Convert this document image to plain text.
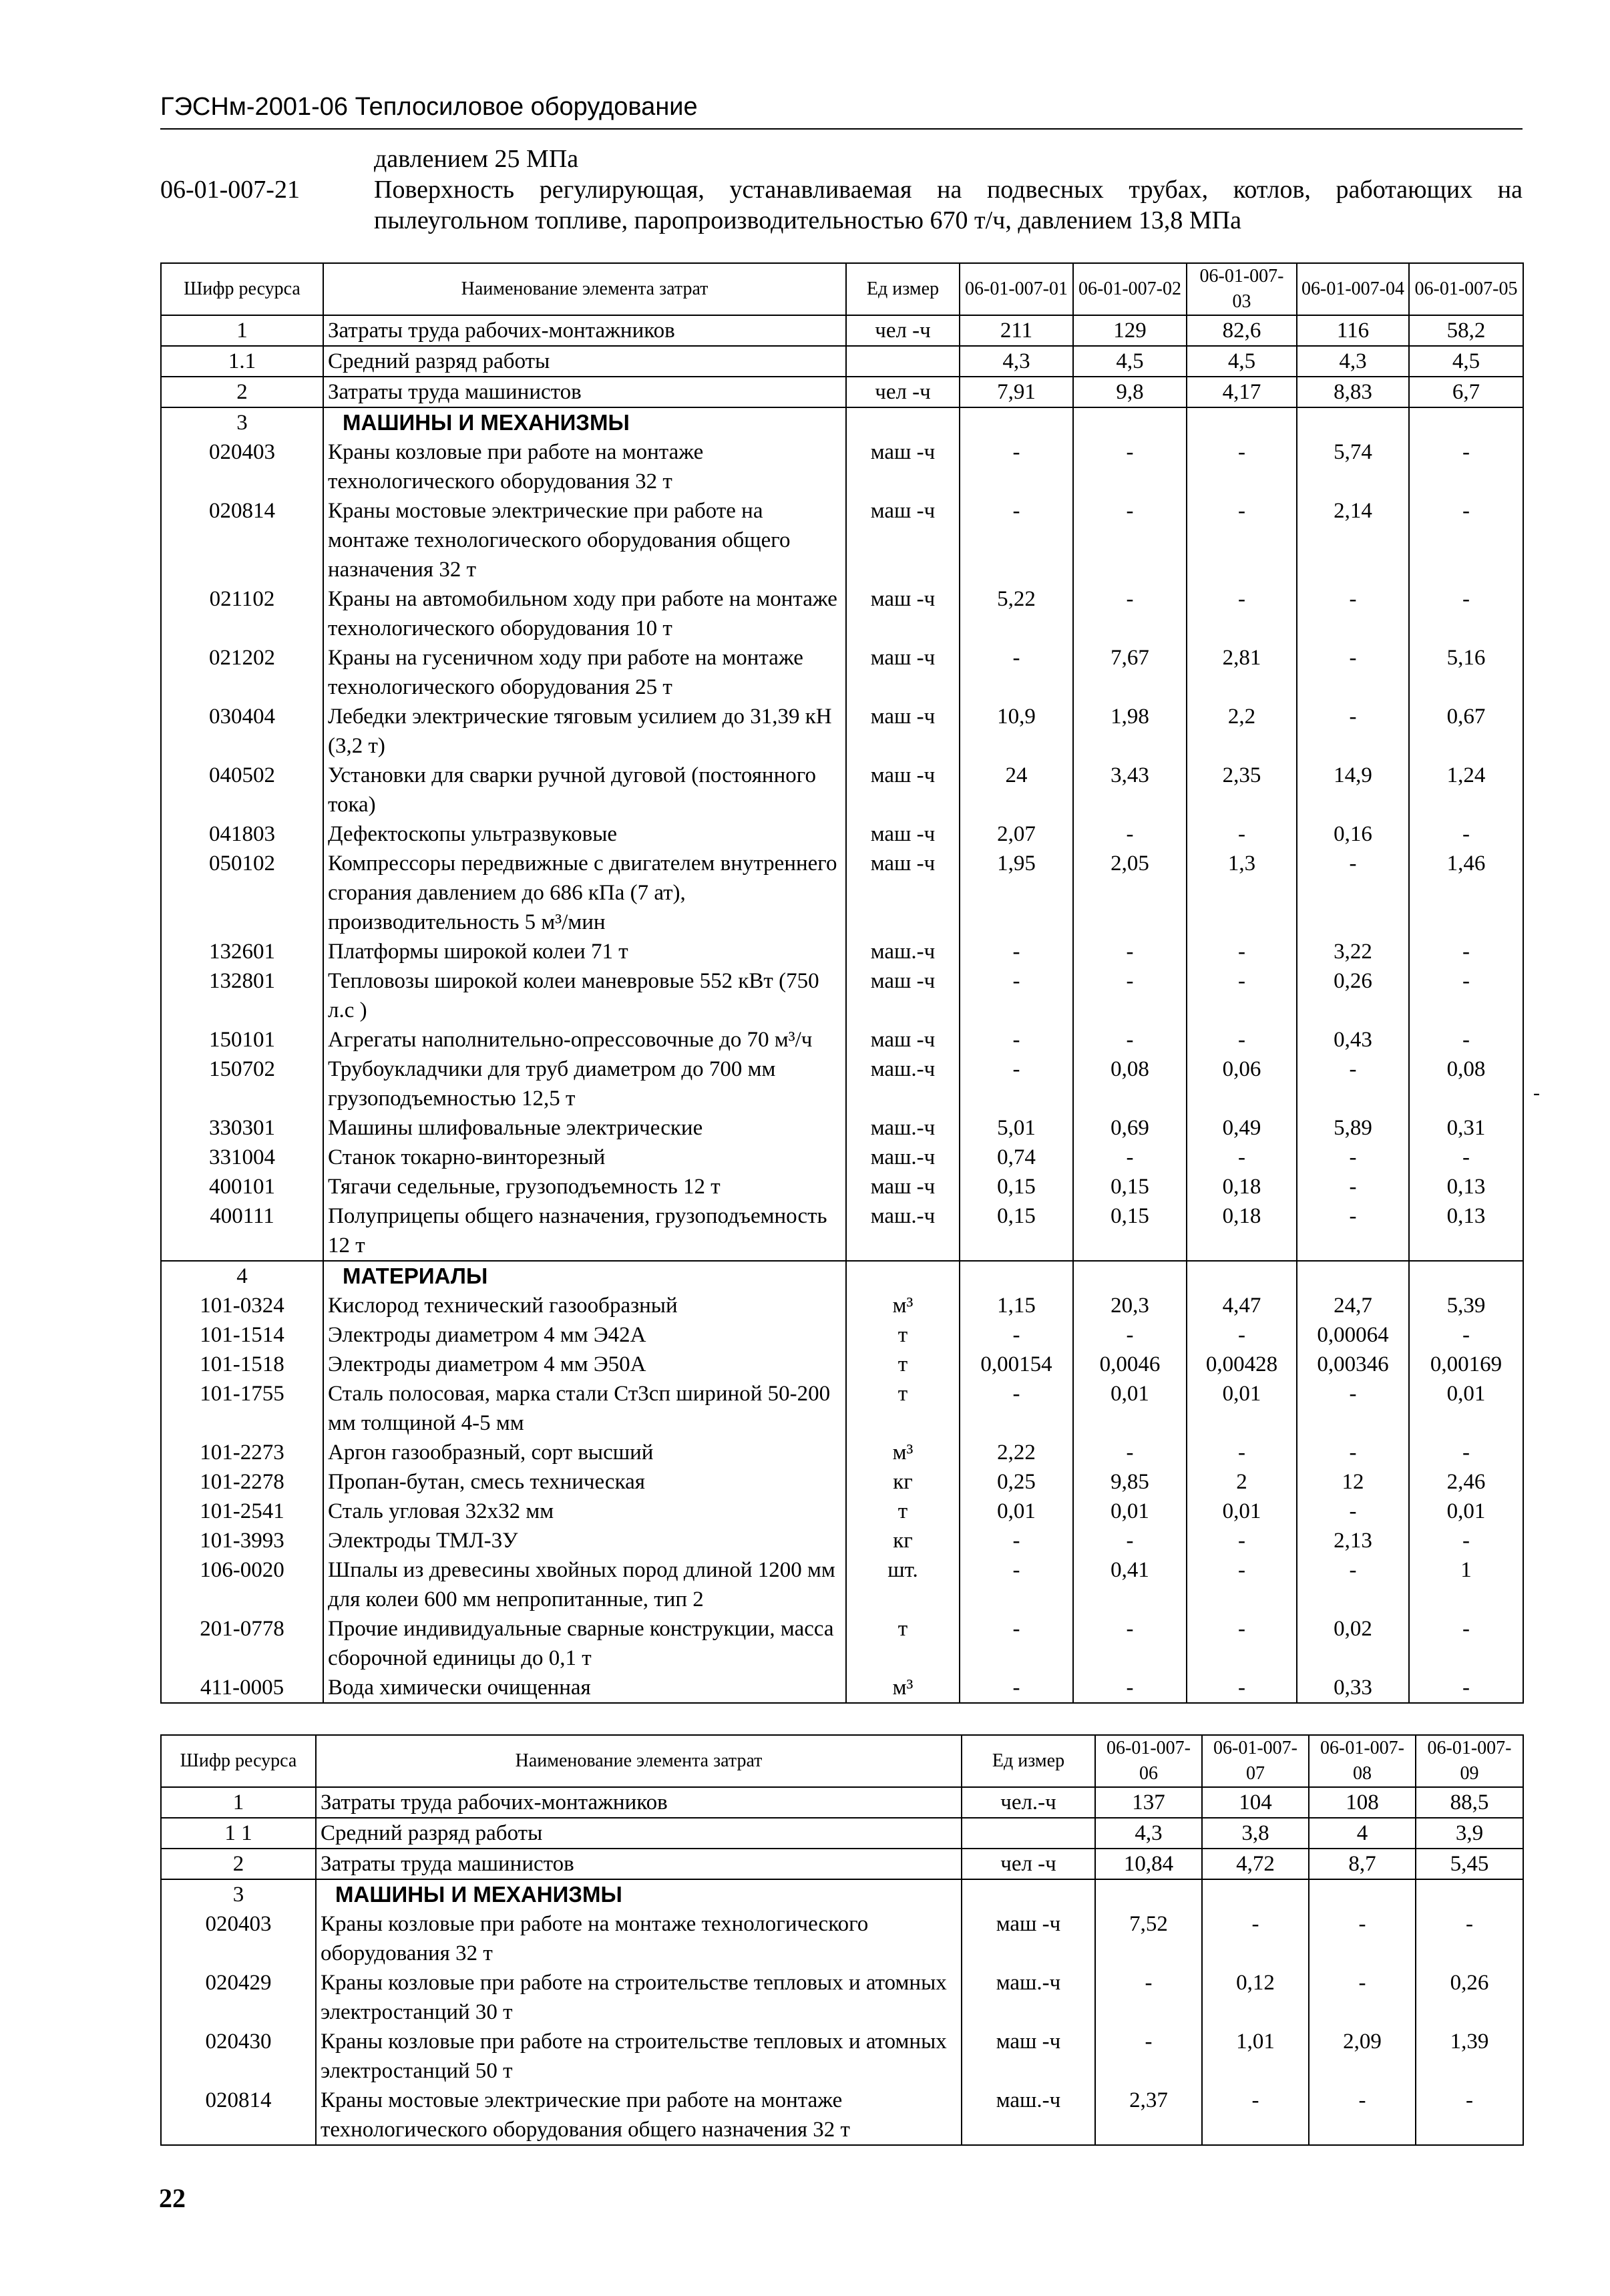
ГЭСНм-2001-06 Теплосиловое оборудование
давлением 25 МПа
06-01-007-21	Поверхность регулирующая, устанавливаемая на подвесных трубах, котлов, работающих на пылеугольном топливе, паропроизводительностью 670 т/ч, давлением 13,8 МПа
Шифр ресурса	Наименование элемента затрат	Ед измер	06-01-007-01	06-01-007-02	06-01-007-03	06-01-007-04	06-01-007-05
1	Затраты труда рабочих-монтажников	чел -ч	211	129	82,6	116	58,2
1.1	Средний разряд работы		4,3	4,5	4,5	4,3	4,5
2	Затраты труда машинистов	чел -ч	7,91	9,8	4,17	8,83	6,7
3	МАШИНЫ И МЕХАНИЗМЫ						
020403	Краны козловые при работе на монтаже технологического оборудования 32 т	маш -ч	-	-	-	5,74	-
020814	Краны мостовые электрические при работе на монтаже технологического оборудования общего назначения 32 т	маш -ч	-	-	-	2,14	-
021102	Краны на автомобильном ходу при работе на монтаже технологического оборудования 10 т	маш -ч	5,22	-	-	-	-
021202	Краны на гусеничном ходу при работе на монтаже технологического оборудования 25 т	маш -ч	-	7,67	2,81	-	5,16
030404	Лебедки электрические тяговым усилием до 31,39 кН (3,2 т)	маш -ч	10,9	1,98	2,2	-	0,67
040502	Установки для сварки ручной дуговой (постоянного тока)	маш -ч	24	3,43	2,35	14,9	1,24
041803	Дефектоскопы ультразвуковые	маш -ч	2,07	-	-	0,16	-
050102	Компрессоры передвижные с двигателем внутреннего сгорания давлением до 686 кПа (7 ат), производительность 5 м³/мин	маш -ч	1,95	2,05	1,3	-	1,46
132601	Платформы широкой колеи 71 т	маш.-ч	-	-	-	3,22	-
132801	Тепловозы широкой колеи маневровые 552 кВт (750 л.с )	маш -ч	-	-	-	0,26	-
150101	Агрегаты наполнительно-опрессовочные до 70 м³/ч	маш -ч	-	-	-	0,43	-
150702	Трубоукладчики для труб диаметром до 700 мм грузоподъемностью 12,5 т	маш.-ч	-	0,08	0,06	-	0,08
330301	Машины шлифовальные электрические	маш.-ч	5,01	0,69	0,49	5,89	0,31
331004	Станок токарно-винторезный	маш.-ч	0,74	-	-	-	-
400101	Тягачи седельные, грузоподъемность 12 т	маш -ч	0,15	0,15	0,18	-	0,13
400111	Полуприцепы общего назначения, грузоподъемность 12 т	маш.-ч	0,15	0,15	0,18	-	0,13
4	МАТЕРИАЛЫ						
101-0324	Кислород технический газообразный	м³	1,15	20,3	4,47	24,7	5,39
101-1514	Электроды диаметром 4 мм Э42А	т	-	-	-	0,00064	-
101-1518	Электроды диаметром 4 мм Э50А	т	0,00154	0,0046	0,00428	0,00346	0,00169
101-1755	Сталь полосовая, марка стали Ст3сп шириной 50-200 мм толщиной 4-5 мм	т	-	0,01	0,01	-	0,01
101-2273	Аргон газообразный, сорт высший	м³	2,22	-	-	-	-
101-2278	Пропан-бутан, смесь техническая	кг	0,25	9,85	2	12	2,46
101-2541	Сталь угловая 32х32 мм	т	0,01	0,01	0,01	-	0,01
101-3993	Электроды ТМЛ-3У	кг	-	-	-	2,13	-
106-0020	Шпалы из древесины хвойных пород длиной 1200 мм для колеи 600 мм непропитанные, тип 2	шт.	-	0,41	-	-	1
201-0778	Прочие индивидуальные сварные конструкции, масса сборочной единицы до 0,1 т	т	-	-	-	0,02	-
411-0005	Вода химически очищенная	м³	-	-	-	0,33	-
Шифр ресурса	Наименование элемента затрат	Ед измер	06-01-007-06	06-01-007-07	06-01-007-08	06-01-007-09
1	Затраты труда рабочих-монтажников	чел.-ч	137	104	108	88,5
1 1	Средний разряд работы		4,3	3,8	4	3,9
2	Затраты труда машинистов	чел -ч	10,84	4,72	8,7	5,45
3	МАШИНЫ И МЕХАНИЗМЫ					
020403	Краны козловые при работе на монтаже технологического оборудования 32 т	маш -ч	7,52	-	-	-
020429	Краны козловые при работе на строительстве тепловых и атомных электростанций 30 т	маш.-ч	-	0,12	-	0,26
020430	Краны козловые при работе на строительстве тепловых и атомных электростанций 50 т	маш -ч	-	1,01	2,09	1,39
020814	Краны мостовые электрические при работе на монтаже технологического оборудования общего назначения 32 т	маш.-ч	2,37	-	-	-
22
-
